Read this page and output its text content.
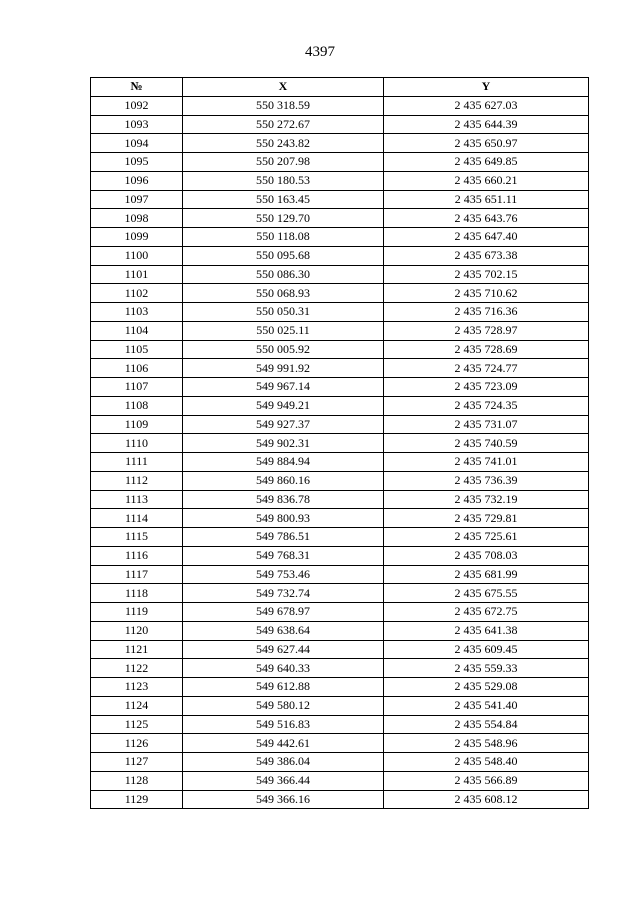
4397
№	X	Y
1092	550 318.59	2 435 627.03
1093	550 272.67	2 435 644.39
1094	550 243.82	2 435 650.97
1095	550 207.98	2 435 649.85
1096	550 180.53	2 435 660.21
1097	550 163.45	2 435 651.11
1098	550 129.70	2 435 643.76
1099	550 118.08	2 435 647.40
1100	550 095.68	2 435 673.38
1101	550 086.30	2 435 702.15
1102	550 068.93	2 435 710.62
1103	550 050.31	2 435 716.36
1104	550 025.11	2 435 728.97
1105	550 005.92	2 435 728.69
1106	549 991.92	2 435 724.77
1107	549 967.14	2 435 723.09
1108	549 949.21	2 435 724.35
1109	549 927.37	2 435 731.07
1110	549 902.31	2 435 740.59
1111	549 884.94	2 435 741.01
1112	549 860.16	2 435 736.39
1113	549 836.78	2 435 732.19
1114	549 800.93	2 435 729.81
1115	549 786.51	2 435 725.61
1116	549 768.31	2 435 708.03
1117	549 753.46	2 435 681.99
1118	549 732.74	2 435 675.55
1119	549 678.97	2 435 672.75
1120	549 638.64	2 435 641.38
1121	549 627.44	2 435 609.45
1122	549 640.33	2 435 559.33
1123	549 612.88	2 435 529.08
1124	549 580.12	2 435 541.40
1125	549 516.83	2 435 554.84
1126	549 442.61	2 435 548.96
1127	549 386.04	2 435 548.40
1128	549 366.44	2 435 566.89
1129	549 366.16	2 435 608.12
